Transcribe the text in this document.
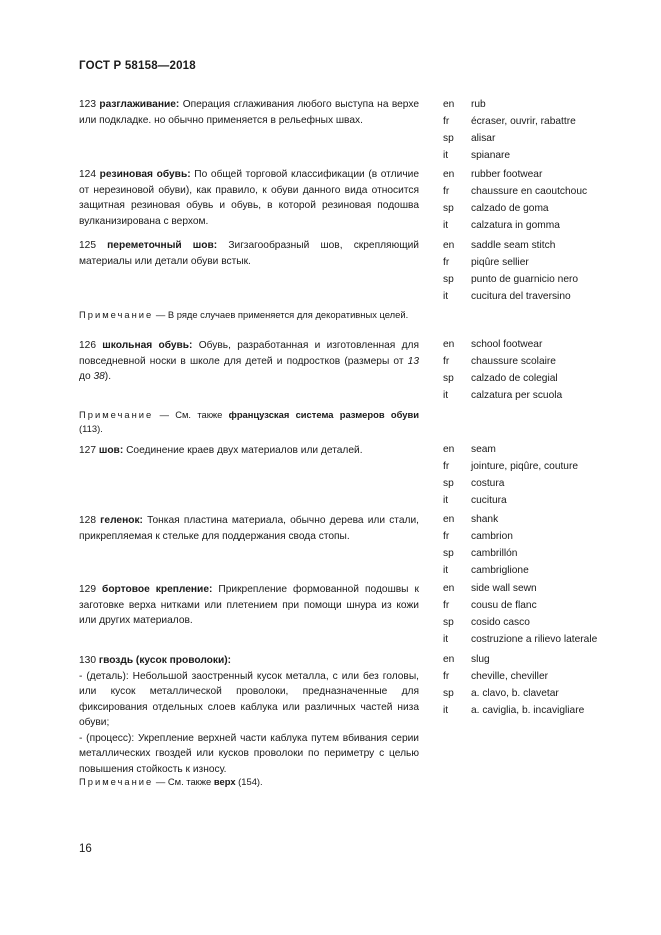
ГОСТ Р 58158—2018
123 разглаживание: Операция сглаживания любого выступа на верхе или подкладке. но обычно применяется в рельефных швах.
en rub
fr écraser, ouvrir, rabattre
sp alisar
it spianare
124 резиновая обувь: По общей торговой классификации (в отличие от нерезиновой обуви), как правило, к обуви данного вида относится защитная резиновая обувь и обувь, в которой резиновая подошва вулканизирована с верхом.
en rubber footwear
fr chaussure en caoutchouc
sp calzado de goma
it calzatura in gomma
125 переметочный шов: Зигзагообразный шов, скрепляющий материалы или детали обуви встык.
en saddle seam stitch
fr piqûre sellier
sp punto de guarnicio nero
it cucitura del traversino
Примечание — В ряде случаев применяется для декоративных целей.
126 школьная обувь: Обувь, разработанная и изготовленная для повседневной носки в школе для детей и подростков (размеры от 13 до 38).
en school footwear
fr chaussure scolaire
sp calzado de colegial
it calzatura per scuola
Примечание — См. также французская система размеров обуви (113).
127 шов: Соединение краев двух материалов или деталей.	en seam
fr jointure, piqûre, couture
sp costura
it cucitura
128 геленок: Тонкая пластина материала, обычно дерева или стали, прикрепляемая к стельке для поддержания свода стопы.
en shank
fr cambrion
sp cambrillón
it cambriglione
129 бортовое крепление: Прикрепление формованной подошвы к заготовке верха нитками или плетением при помощи шнура из кожи или других материалов.
en side wall sewn
fr cousu de flanc
sp cosido casco
it costruzione a rilievo laterale

130 гвоздь (кусок проволоки):

- (деталь): Небольшой заостренный кусок металла, с или без головы, или кусок металлической проволоки, предназначенные для фиксирования отдельных слоев каблука или различных частей низа обуви;

- (процесс): Укрепление верхней части каблука путем вбивания серии металлических гвоздей или кусков проволоки по периметру с целью повышения стойкость к износу.

en slug
fr cheville, cheviller
sp a. clavo, b. clavetar
it a. caviglia, b. incavigliare
Примечание — См. также верх (154).
16
